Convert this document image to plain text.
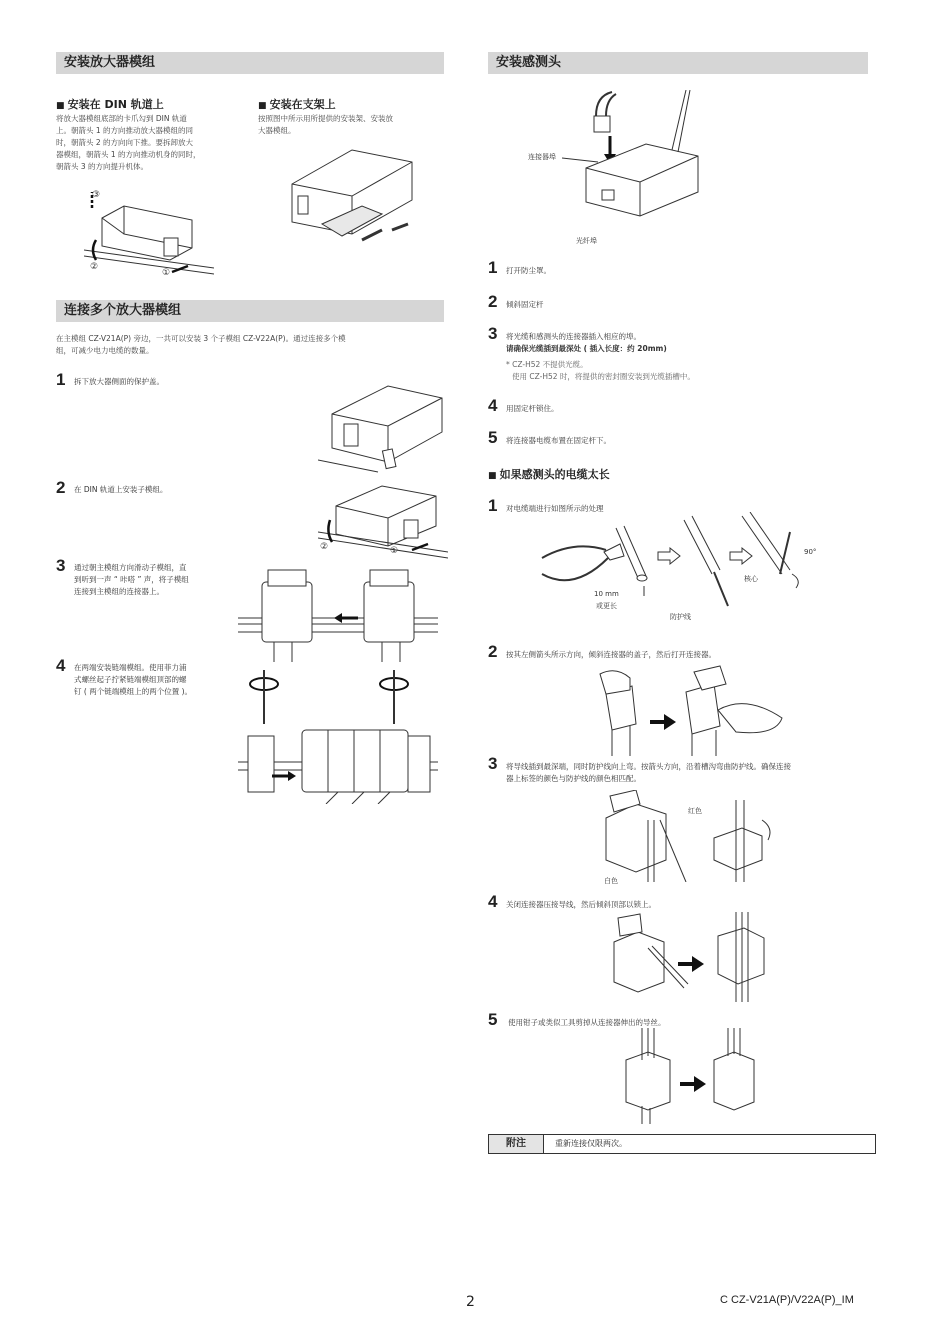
安装放大器模组
■ 安装在 DIN 轨道上
将放大器模组底部的卡爪勾到 DIN 轨道
上。朝箭头 1 的方向推动放大器模组的同
时，朝箭头 2 的方向向下推。要拆卸放大
器模组，朝箭头 1 的方向推动机身的同时，
朝箭头 3 的方向提升机体。
■ 安装在支架上
按照图中所示用所提供的安装架、安装放
大器模组。
③
②
①
连接多个放大器模组
在主模组 CZ-V21A(P) 旁边，一共可以安装 3 个子模组 CZ-V22A(P)。通过连接多个模
组，可减少电力电缆的数量。
1 拆下放大器侧面的保护盖。
2 在 DIN 轨道上安装子模组。
②	①
3 通过朝主模组方向滑动子模组，直
到听到一声 “ 咔嗒 ” 声，将子模组
连接到主模组的连接器上。
4 在两端安装链端模组。使用菲力浦
式螺丝起子拧紧链端模组顶部的螺
钉 ( 两个链端模组上的两个位置 )。
安装感测头
连接器埠
光纤埠
1 打开防尘罩。
2 倾斜固定杆
3 将光缆和感测头的连接器插入相应的埠。
请确保光缆插到最深处 ( 插入长度：约 20mm)
* CZ-H52 不提供光缆。
使用 CZ-H52 时，将提供的密封圈安装到光缆插槽中。
4 用固定杆锁住。
5 将连接器电缆布置在固定杆下。
■ 如果感测头的电缆太长
1 对电缆端进行如图所示的处理
10 mm
或更长
核心
防护线
90°
2 按其左侧箭头所示方向，倾斜连接器的盖子，然后打开连接器。
3 将导线插到最深端，同时防护线向上弯。按箭头方向，沿着槽沟弯曲防护线。确保连接
器上标签的颜色与防护线的颜色相匹配。
红色
白色
4 关闭连接器压接导线，然后倾斜顶部以锁上。
5 使用钳子或类似工具剪掉从连接器伸出的导丝。
附注	重新连接仅限两次。
2	C CZ-V21A(P)/V22A(P)_IM
